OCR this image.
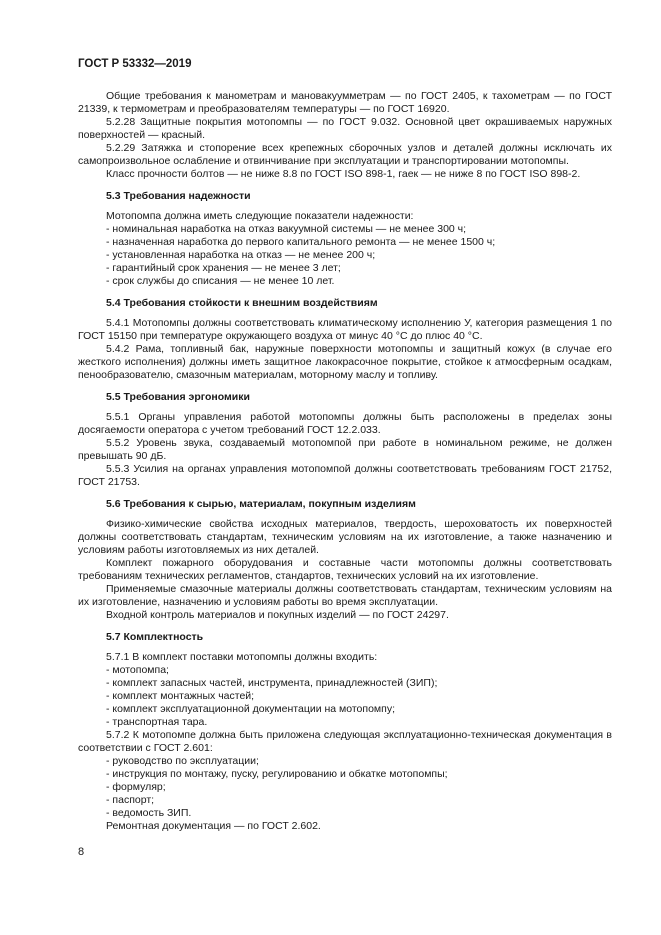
ГОСТ Р 53332—2019

Общие требования к манометрам и мановакуумметрам — по ГОСТ 2405, к тахометрам — по ГОСТ 21339, к термометрам и преобразователям температуры — по ГОСТ 16920.

5.2.28 Защитные покрытия мотопомпы — по ГОСТ 9.032. Основной цвет окрашиваемых наружных поверхностей — красный.

5.2.29 Затяжка и стопорение всех крепежных сборочных узлов и деталей должны исключать их самопроизвольное ослабление и отвинчивание при эксплуатации и транспортировании мотопомпы.

Класс прочности болтов — не ниже 8.8 по ГОСТ ISO 898-1, гаек — не ниже 8 по ГОСТ ISO 898-2.

5.3 Требования надежности

Мотопомпа должна иметь следующие показатели надежности:

- номинальная наработка на отказ вакуумной системы — не менее 300 ч;

- назначенная наработка до первого капитального ремонта — не менее 1500 ч;

- установленная наработка на отказ — не менее 200 ч;

- гарантийный срок хранения — не менее 3 лет;

- срок службы до списания — не менее 10 лет.

5.4 Требования стойкости к внешним воздействиям

5.4.1 Мотопомпы должны соответствовать климатическому исполнению У, категория размещения 1 по ГОСТ 15150 при температуре окружающего воздуха от минус 40 °С до плюс 40 °С.

5.4.2 Рама, топливный бак, наружные поверхности мотопомпы и защитный кожух (в случае его жесткого исполнения) должны иметь защитное лакокрасочное покрытие, стойкое к атмосферным осадкам, пенообразователю, смазочным материалам, моторному маслу и топливу.

5.5 Требования эргономики

5.5.1 Органы управления работой мотопомпы должны быть расположены в пределах зоны досягаемости оператора с учетом требований ГОСТ 12.2.033.

5.5.2 Уровень звука, создаваемый мотопомпой при работе в номинальном режиме, не должен превышать 90 дБ.

5.5.3 Усилия на органах управления мотопомпой должны соответствовать требованиям ГОСТ 21752, ГОСТ 21753.

5.6 Требования к сырью, материалам, покупным изделиям

Физико-химические свойства исходных материалов, твердость, шероховатость их поверхностей должны соответствовать стандартам, техническим условиям на их изготовление, а также назначению и условиям работы изготовляемых из них деталей.

Комплект пожарного оборудования и составные части мотопомпы должны соответствовать требованиям технических регламентов, стандартов, технических условий на их изготовление.

Применяемые смазочные материалы должны соответствовать стандартам, техническим условиям на их изготовление, назначению и условиям работы во время эксплуатации.

Входной контроль материалов и покупных изделий — по ГОСТ 24297.

5.7 Комплектность

5.7.1 В комплект поставки мотопомпы должны входить:

- мотопомпа;

- комплект запасных частей, инструмента, принадлежностей (ЗИП);

- комплект монтажных частей;

- комплект эксплуатационной документации на мотопомпу;

- транспортная тара.

5.7.2 К мотопомпе должна быть приложена следующая эксплуатационно-техническая документация в соответствии с ГОСТ 2.601:

- руководство по эксплуатации;

- инструкция по монтажу, пуску, регулированию и обкатке мотопомпы;

- формуляр;

- паспорт;

- ведомость ЗИП.

Ремонтная документация — по ГОСТ 2.602.

8
